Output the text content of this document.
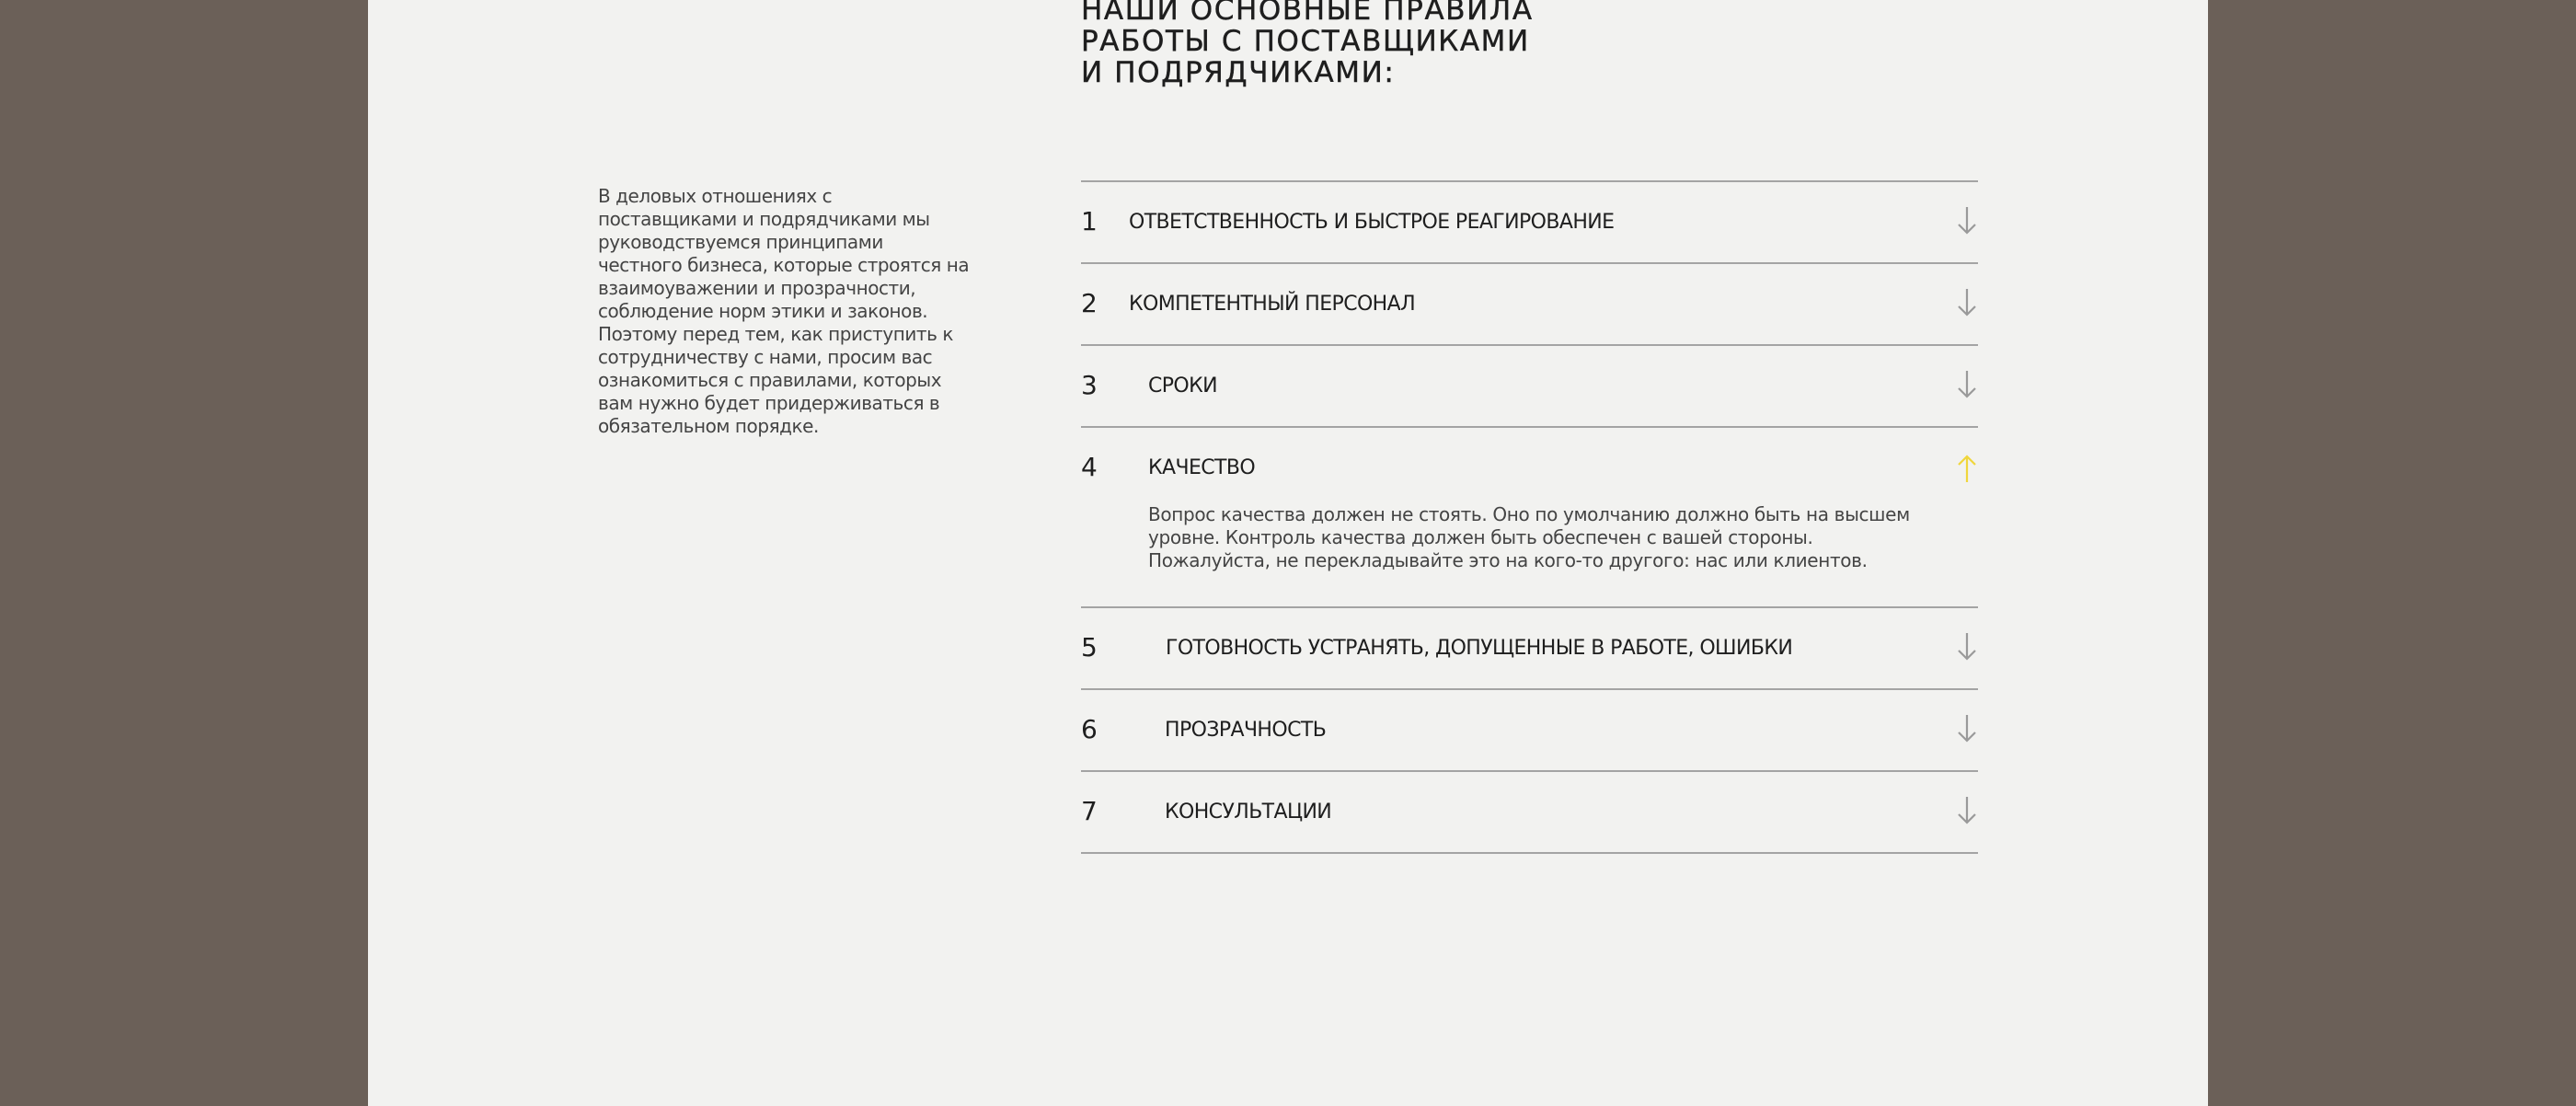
НАШИ ОСНОВНЫЕ ПРАВИЛА
РАБОТЫ С ПОСТАВЩИКАМИ
И ПОДРЯДЧИКАМИ:

В деловых отношениях с поставщиками и подрядчиками мы руководствуемся принципами честного бизнеса, которые строятся на взаимоуважении и прозрачности, соблюдение норм этики и законов. Поэтому перед тем, как приступить к сотрудничеству с нами, просим вас ознакомиться с правилами, которых вам нужно будет придерживаться в обязательном порядке.

1 ОТВЕТСТВЕННОСТЬ И БЫСТРОЕ РЕАГИРОВАНИЕ
2 КОМПЕТЕНТНЫЙ ПЕРСОНАЛ
3	СРОКИ
4	КАЧЕСТВО
Вопрос качества должен не стоять. Оно по умолчанию должно быть на высшем уровне. Контроль качества должен быть обеспечен с вашей стороны. Пожалуйста, не перекладывайте это на кого-то другого: нас или клиентов.
5	ГОТОВНОСТЬ УСТРАНЯТЬ, ДОПУЩЕННЫЕ В РАБОТЕ, ОШИБКИ
6	ПРОЗРАЧНОСТЬ
7	КОНСУЛЬТАЦИИ
